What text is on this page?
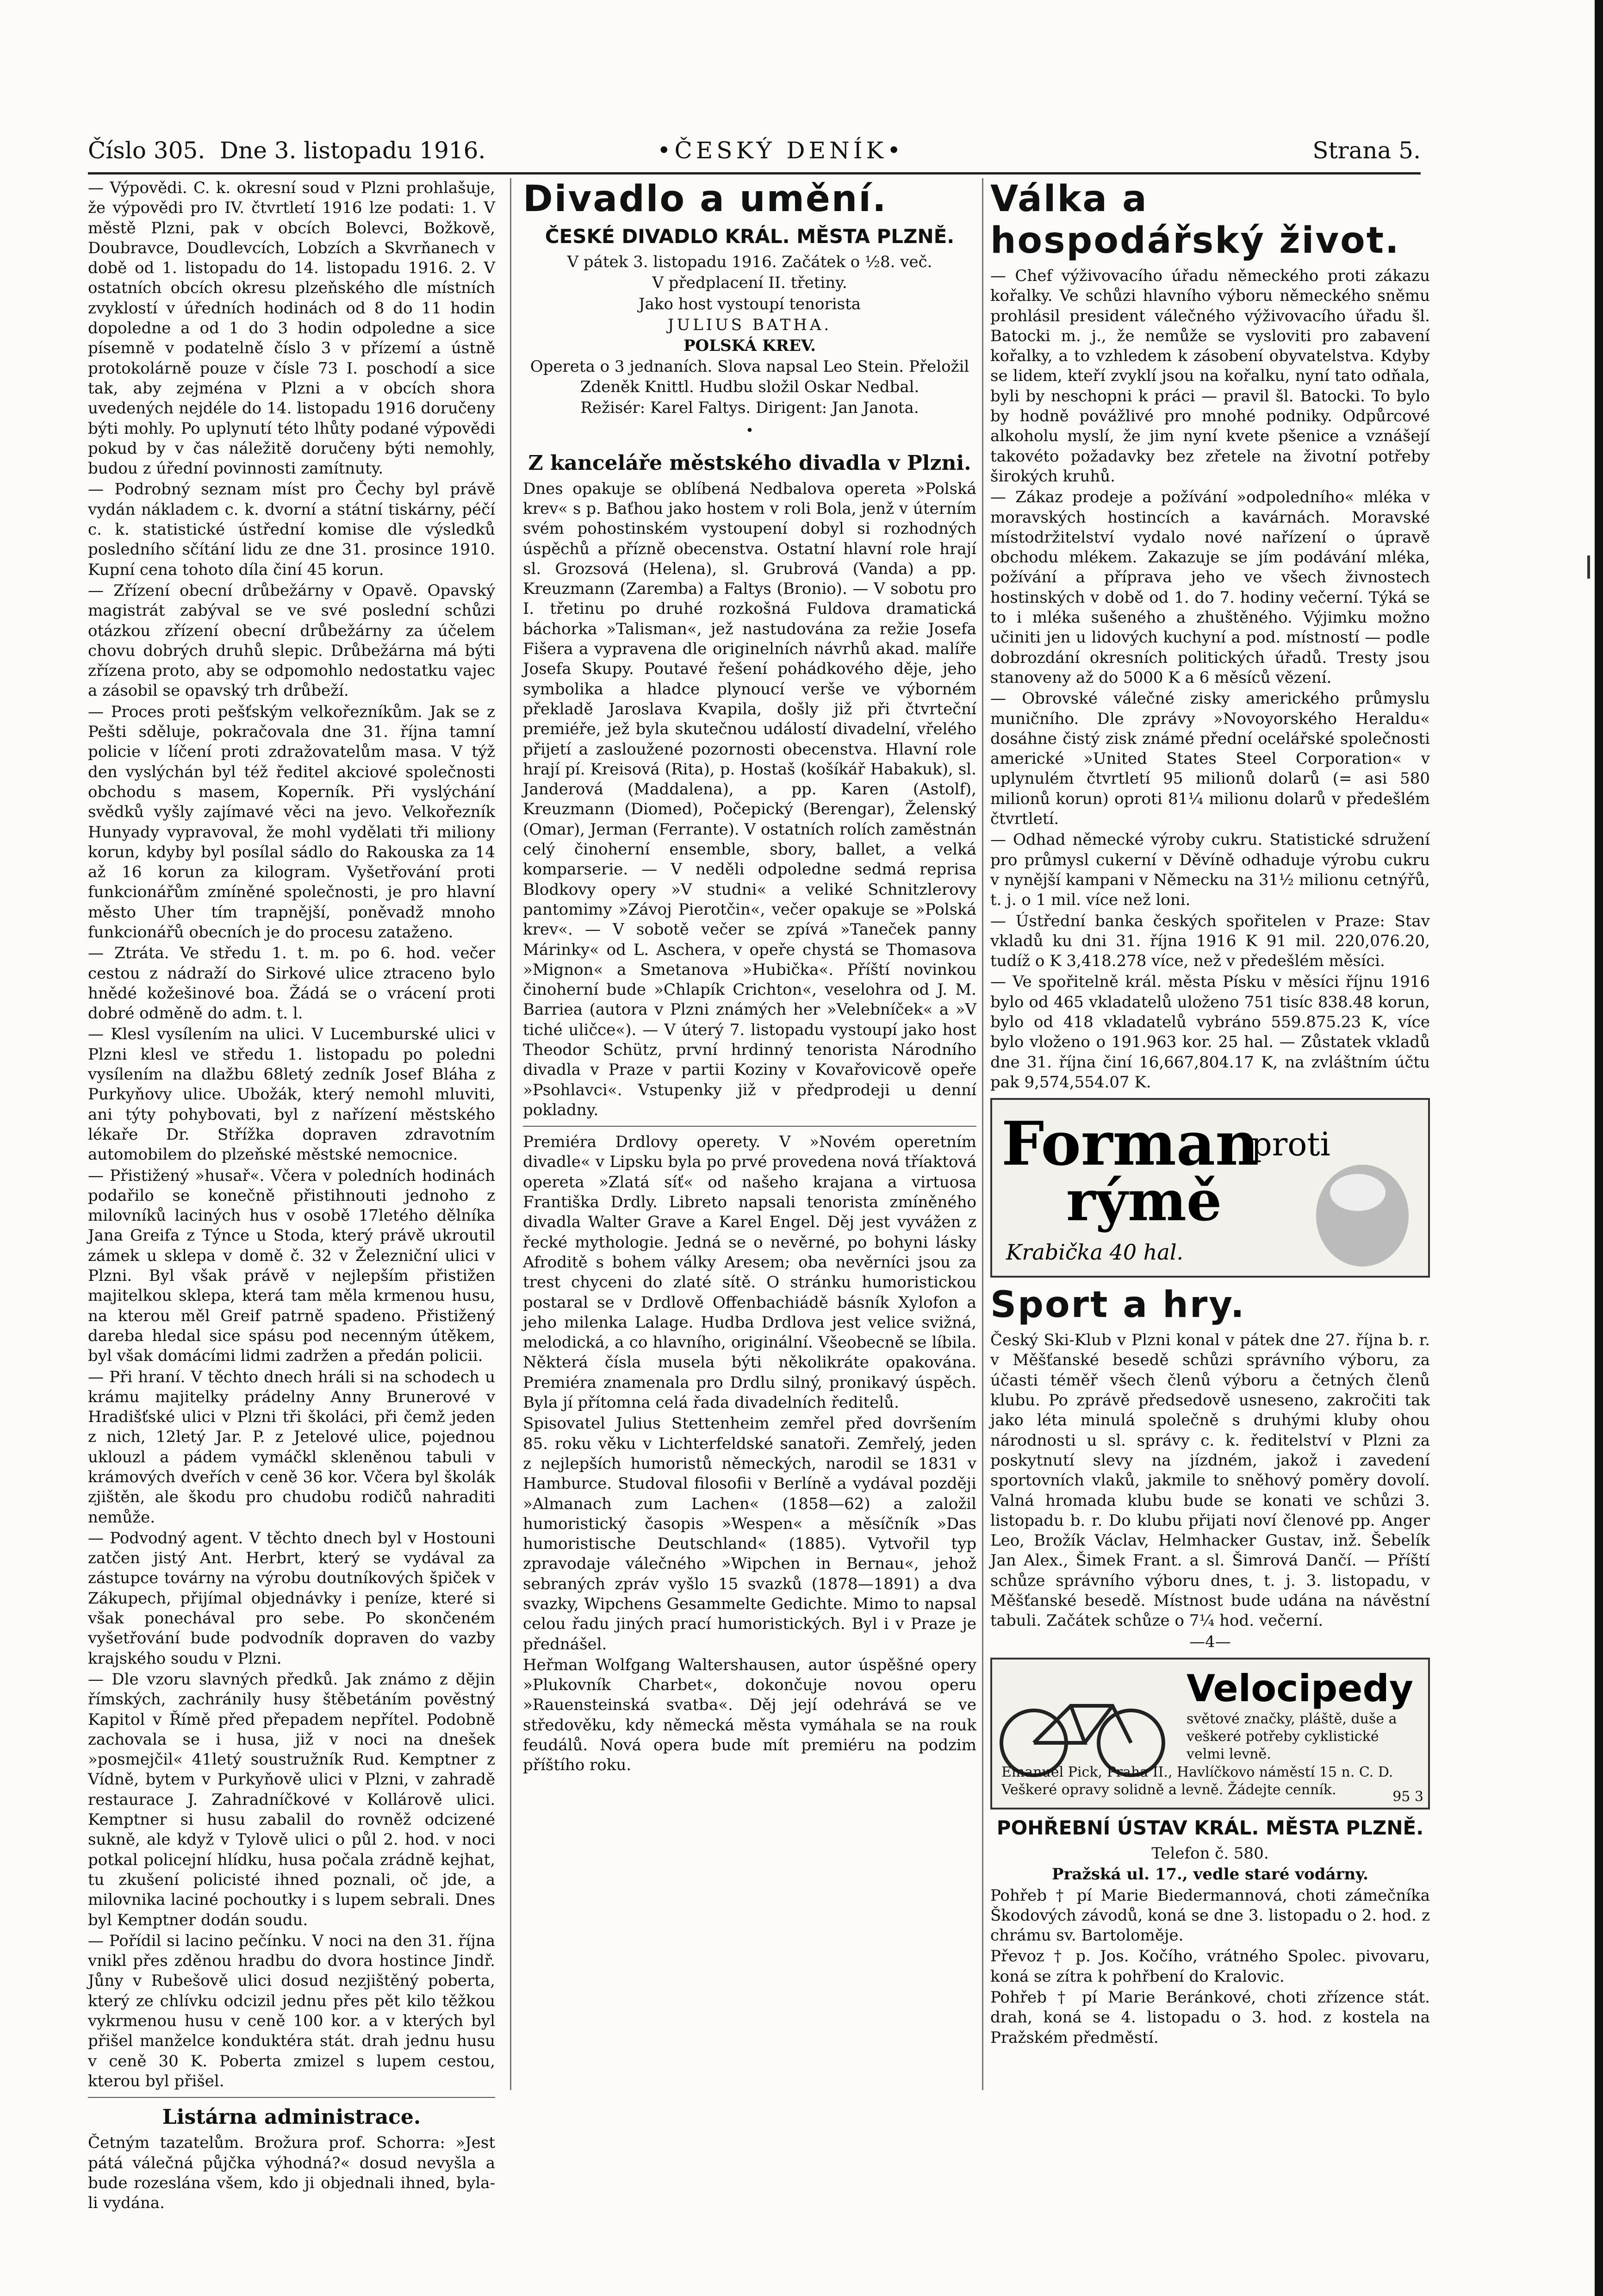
Číslo 305. Dne 3. listopadu 1916.	•ČESKÝ DENÍK•	Strana 5.

— Výpovědi. C. k. okresní soud v Plzni prohlašuje, že výpovědi pro IV. čtvrtletí 1916 lze podati: 1. V městě Plzni, pak v obcích Bolevci, Božkově, Doubravce, Doudlevcích, Lobzích a Skvrňanech v době od 1. listopadu do 14. listopadu 1916. 2. V ostatních obcích okresu plzeňského dle místních zvyklostí v úředních hodinách od 8 do 11 hodin dopoledne a od 1 do 3 hodin odpoledne a sice písemně v podatelně číslo 3 v přízemí a ústně protokolárně pouze v čísle 73 I. poschodí a sice tak, aby zejména v Plzni a v obcích shora uvedených nejdéle do 14. listopadu 1916 doručeny býti mohly. Po uplynutí této lhůty podané výpovědi pokud by v čas náležitě doručeny býti nemohly, budou z úřední povinnosti zamítnuty.

— Podrobný seznam míst pro Čechy byl právě vydán nákladem c. k. dvorní a státní tiskárny, péčí c. k. statistické ústřední komise dle výsledků posledního sčítání lidu ze dne 31. prosince 1910. Kupní cena tohoto díla činí 45 korun.

— Zřízení obecní drůbežárny v Opavě. Opavský magistrát zabýval se ve své poslední schůzi otázkou zřízení obecní drůbežárny za účelem chovu dobrých druhů slepic. Drůbežárna má býti zřízena proto, aby se odpomohlo nedostatku vajec a zásobil se opavský trh drůbeží.

— Proces proti pešťským velkořezníkům. Jak se z Pešti sděluje, pokračovala dne 31. října tamní policie v líčení proti zdražovatelům masa. V týž den vyslýchán byl též ředitel akciové společnosti obchodu s masem, Koperník. Při vyslýchání svědků vyšly zajímavé věci na jevo. Velkořezník Hunyady vypravoval, že mohl vydělati tři miliony korun, kdyby byl posílal sádlo do Rakouska za 14 až 16 korun za kilogram. Vyšetřování proti funkcionářům zmíněné společnosti, je pro hlavní město Uher tím trapnější, poněvadž mnoho funkcionářů obecních je do procesu zataženo.

— Ztráta. Ve středu 1. t. m. po 6. hod. večer cestou z nádraží do Sirkové ulice ztraceno bylo hnědé kožešinové boa. Žádá se o vrácení proti dobré odměně do adm. t. l.

— Klesl vysílením na ulici. V Lucemburské ulici v Plzni klesl ve středu 1. listopadu po poledni vysílením na dlažbu 68letý zedník Josef Bláha z Purkyňovy ulice. Ubožák, který nemohl mluviti, ani týty pohybovati, byl z nařízení městského lékaře Dr. Střížka dopraven zdravotním automobilem do plzeňské městské nemocnice.

— Přistižený »husař«. Včera v poledních hodinách podařilo se konečně přistihnouti jednoho z milovníků laciných hus v osobě 17letého dělníka Jana Greifa z Týnce u Stoda, který právě ukroutil zámek u sklepa v domě č. 32 v Železniční ulici v Plzni. Byl však právě v nejlepším přistižen majitelkou sklepa, která tam měla krmenou husu, na kterou měl Greif patrně spadeno. Přistižený dareba hledal sice spásu pod necenným útěkem, byl však domácími lidmi zadržen a předán policii.

— Při hraní. V těchto dnech hráli si na schodech u krámu majitelky prádelny Anny Brunerové v Hradišťské ulici v Plzni tři školáci, při čemž jeden z nich, 12letý Jar. P. z Jetelové ulice, pojednou uklouzl a pádem vymáčkl skleněnou tabuli v krámových dveřích v ceně 36 kor. Včera byl školák zjištěn, ale škodu pro chudobu rodičů nahraditi nemůže.

— Podvodný agent. V těchto dnech byl v Hostouni zatčen jistý Ant. Herbrt, který se vydával za zástupce továrny na výrobu doutníkových špiček v Zákupech, přijímal objednávky i peníze, které si však ponechával pro sebe. Po skončeném vyšetřování bude podvodník dopraven do vazby krajského soudu v Plzni.

— Dle vzoru slavných předků. Jak známo z dějin římských, zachránily husy štěbetáním pověstný Kapitol v Římě před přepadem nepřítel. Podobně zachovala se i husa, již v noci na dnešek »posmejčil« 41letý soustružník Rud. Kemptner z Vídně, bytem v Purkyňově ulici v Plzni, v zahradě restaurace J. Zahradníčkové v Kollárově ulici. Kemptner si husu zabalil do rovněž odcizené sukně, ale když v Tylově ulici o půl 2. hod. v noci potkal policejní hlídku, husa počala zrádně kejhat, tu zkušení policisté ihned poznali, oč jde, a milovnika laciné pochoutky i s lupem sebrali. Dnes byl Kemptner dodán soudu.

— Pořídil si lacino pečínku. V noci na den 31. října vnikl přes zděnou hradbu do dvora hostince Jindř. Jůny v Rubešově ulici dosud nezjištěný poberta, který ze chlívku odcizil jednu přes pět kilo těžkou vykrmenou husu v ceně 100 kor. a v kterých byl přišel manželce konduktéra stát. drah jednu husu v ceně 30 K. Poberta zmizel s lupem cestou, kterou byl přišel.

Listárna administrace.

Četným tazatelům. Brožura prof. Schorra: »Jest pátá válečná půjčka výhodná?« dosud nevyšla a bude rozeslána všem, kdo ji objednali ihned, byla-li vydána.

Divadlo a umění.
ČESKÉ DIVADLO KRÁL. MĚSTA PLZNĚ.

V pátek 3. listopadu 1916. Začátek o ½8. več.

V předplacení II. třetiny.

Jako host vystoupí tenorista

JULIUS BATHA.

POLSKÁ KREV.

Opereta o 3 jednaních. Slova napsal Leo Stein. Přeložil Zdeněk Knittl. Hudbu složil Oskar Nedbal.

Režisér: Karel Faltys. Dirigent: Jan Janota.

•
Z kanceláře městského divadla v Plzni.

Dnes opakuje se oblíbená Nedbalova opereta »Polská krev« s p. Baťhou jako hostem v roli Bola, jenž v úterním svém pohostinském vystoupení dobyl si rozhodných úspěchů a přízně obecenstva. Ostatní hlavní role hrají sl. Grozsová (Helena), sl. Grubrová (Vanda) a pp. Kreuzmann (Zaremba) a Faltys (Bronio). — V sobotu pro I. třetinu po druhé rozkošná Fuldova dramatická báchorka »Talisman«, jež nastudována za režie Josefa Fišera a vypravena dle originelních návrhů akad. malíře Josefa Skupy. Poutavé řešení pohádkového děje, jeho symbolika a hladce plynoucí verše ve výborném překladě Jaroslava Kvapila, došly již při čtvrteční premiéře, jež byla skutečnou událostí divadelní, vřelého přijetí a zasloužené pozornosti obecenstva. Hlavní role hrají pí. Kreisová (Rita), p. Hostaš (košíkář Habakuk), sl. Janderová (Maddalena), a pp. Karen (Astolf), Kreuzmann (Diomed), Počepický (Berengar), Želenský (Omar), Jerman (Ferrante). V ostatních rolích zaměstnán celý činoherní ensemble, sbory, ballet, a velká komparserie. — V neděli odpoledne sedmá reprisa Blodkovy opery »V studni« a veliké Schnitzlerovy pantomimy »Závoj Pierotčin«, večer opakuje se »Polská krev«. — V sobotě večer se zpívá »Taneček panny Márinky« od L. Aschera, v opeře chystá se Thomasova »Mignon« a Smetanova »Hubička«. Příští novinkou činoherní bude »Chlapík Crichton«, veselohra od J. M. Barriea (autora v Plzni známých her »Velebníček« a »V tiché uličce«). — V úterý 7. listopadu vystoupí jako host Theodor Schütz, první hrdinný tenorista Národního divadla v Praze v partii Koziny v Kovařovicově opeře »Psohlavci«. Vstupenky již v předprodeji u denní pokladny.

Premiéra Drdlovy operety. V »Novém operetním divadle« v Lipsku byla po prvé provedena nová tříaktová opereta »Zlatá síť« od našeho krajana a virtuosa Františka Drdly. Libreto napsali tenorista zmíněného divadla Walter Grave a Karel Engel. Děj jest vyvážen z řecké mythologie. Jedná se o nevěrné, po bohyni lásky Afroditě s bohem války Aresem; oba nevěrníci jsou za trest chyceni do zlaté sítě. O stránku humoristickou postaral se v Drdlově Offenbachiádě básník Xylofon a jeho milenka Lalage. Hudba Drdlova jest velice svižná, melodická, a co hlavního, originální. Všeobecně se líbila. Některá čísla musela býti několikráte opakována. Premiéra znamenala pro Drdlu silný, pronikavý úspěch. Byla jí přítomna celá řada divadelních ředitelů.

Spisovatel Julius Stettenheim zemřel před dovršením 85. roku věku v Lichterfeldské sanatoři. Zemřelý, jeden z nejlepších humoristů německých, narodil se 1831 v Hamburce. Studoval filosofii v Berlíně a vydával později »Almanach zum Lachen« (1858—62) a založil humoristický časopis »Wespen« a měsíčník »Das humoristische Deutschland« (1885). Vytvořil typ zpravodaje válečného »Wipchen in Bernau«, jehož sebraných zpráv vyšlo 15 svazků (1878—1891) a dva svazky, Wipchens Gesammelte Gedichte. Mimo to napsal celou řadu jiných prací humoristických. Byl i v Praze je přednášel.

Heřman Wolfgang Waltershausen, autor úspěšné opery »Plukovník Charbet«, dokončuje novou operu »Rauensteinská svatba«. Děj její odehrává se ve středověku, kdy německá města vymáhala se na rouk feudálů. Nová opera bude mít premiéru na podzim příštího roku.

Válka a hospodářský život.

— Chef výživovacího úřadu německého proti zákazu kořalky. Ve schůzi hlavního výboru německého sněmu prohlásil president válečného výživovacího úřadu šl. Batocki m. j., že nemůže se vysloviti pro zabavení kořalky, a to vzhledem k zásobení obyvatelstva. Kdyby se lidem, kteří zvyklí jsou na kořalku, nyní tato odňala, byli by neschopni k práci — pravil šl. Batocki. To bylo by hodně povážlivé pro mnohé podniky. Odpůrcové alkoholu myslí, že jim nyní kvete pšenice a vznášejí takovéto požadavky bez zřetele na životní potřeby širokých kruhů.

— Zákaz prodeje a požívání »odpoledního« mléka v moravských hostincích a kavárnách. Moravské místodržitelství vydalo nové nařízení o úpravě obchodu mlékem. Zakazuje se jím podávání mléka, požívání a příprava jeho ve všech živnostech hostinských v době od 1. do 7. hodiny večerní. Týká se to i mléka sušeného a zhuštěného. Výjimku možno učiniti jen u lidových kuchyní a pod. místností — podle dobrozdání okresních politických úřadů. Tresty jsou stanoveny až do 5000 K a 6 měsíců vězení.

— Obrovské válečné zisky amerického průmyslu muničního. Dle zprávy »Novoyorského Heraldu« dosáhne čistý zisk známé přední ocelářské společnosti americké »United States Steel Corporation« v uplynulém čtvrtletí 95 milionů dolarů (= asi 580 milionů korun) oproti 81¼ milionu dolarů v předešlém čtvrtletí.

— Odhad německé výroby cukru. Statistické sdružení pro průmysl cukerní v Děvíně odhaduje výrobu cukru v nynější kampani v Německu na 31½ milionu cetnýřů, t. j. o 1 mil. více než loni.

— Ústřední banka českých spořitelen v Praze: Stav vkladů ku dni 31. října 1916 K 91 mil. 220,076.20, tudíž o K 3,418.278 více, než v předešlém měsíci.

— Ve spořitelně král. města Písku v měsíci říjnu 1916 bylo od 465 vkladatelů uloženo 751 tisíc 838.48 korun, bylo od 418 vkladatelů vybráno 559.875.23 K, více bylo vloženo o 191.963 kor. 25 hal. — Zůstatek vkladů dne 31. října činí 16,667,804.17 K, na zvláštním účtu pak 9,574,554.07 K.

Forman
proti
rýmě
Krabička 40 hal.
Sport a hry.

Český Ski-Klub v Plzni konal v pátek dne 27. října b. r. v Měšťanské besedě schůzi správního výboru, za účasti téměř všech členů výboru a četných členů klubu. Po zprávě předsedově usneseno, zakročiti tak jako léta minulá společně s druhými kluby ohou národnosti u sl. správy c. k. ředitelství v Plzni za poskytnutí slevy na jízdném, jakož i zavedení sportovních vlaků, jakmile to sněhový poměry dovolí. Valná hromada klubu bude se konati ve schůzi 3. listopadu b. r. Do klubu přijati noví členové pp. Anger Leo, Brožík Václav, Helmhacker Gustav, inž. Šebelík Jan Alex., Šimek Frant. a sl. Šimrová Dančí. — Příští schůze správního výboru dnes, t. j. 3. listopadu, v Měšťanské besedě. Místnost bude udána na návěstní tabuli. Začátek schůze o 7¼ hod. večerní.

—4—

Velocipedy
světové značky, pláště, duše a veškeré potřeby cyklistické velmi levně.
Emanuel Pick, Praha II., Havlíčkovo náměstí 15 n. C. D. Veškeré opravy solidně a levně. Žádejte cenník.	95 3
POHŘEBNÍ ÚSTAV KRÁL. MĚSTA PLZNĚ.

Telefon č. 580.

Pražská ul. 17., vedle staré vodárny.

Pohřeb † pí Marie Biedermannová, choti zámečníka Škodových závodů, koná se dne 3. listopadu o 2. hod. z chrámu sv. Bartoloměje.

Převoz † p. Jos. Kočího, vrátného Spolec. pivovaru, koná se zítra k pohřbení do Kralovic.

Pohřeb † pí Marie Beránkové, choti zřízence stát. drah, koná se 4. listopadu o 3. hod. z kostela na Pražském předměstí.
